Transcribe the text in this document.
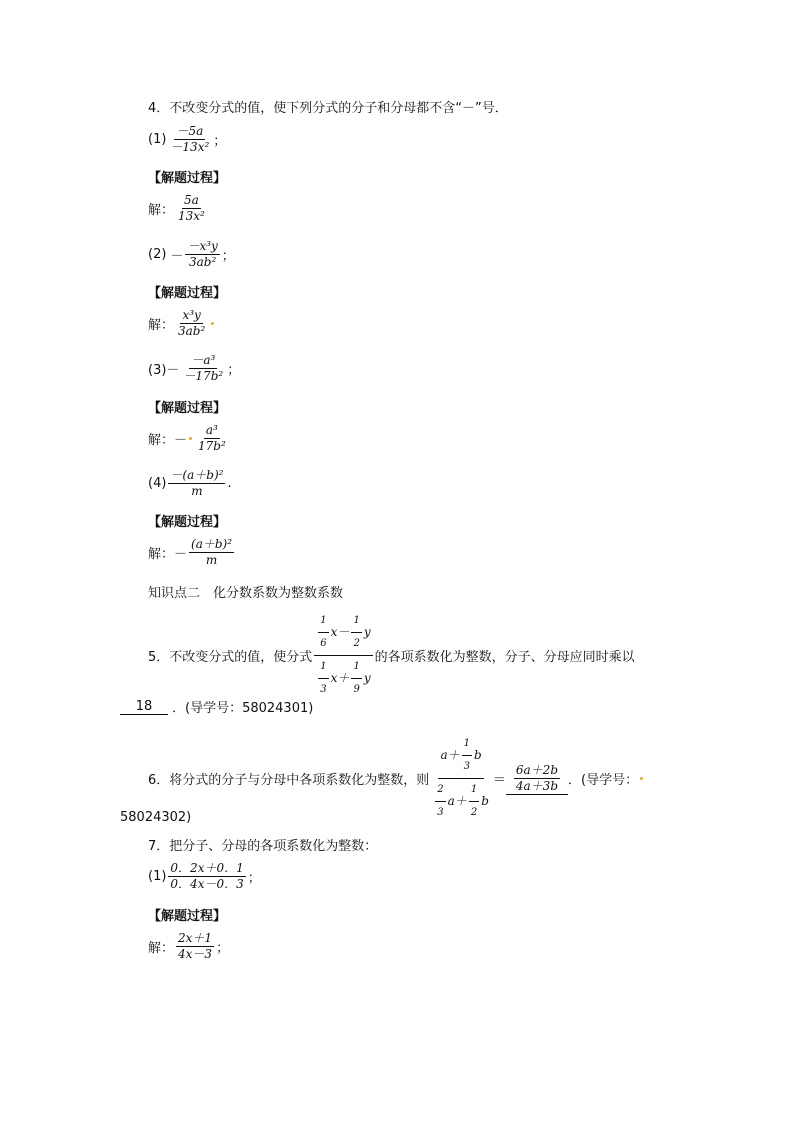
4．不改变分式的值，使下列分式的分子和分母都不含“－”号．
$(1) \frac{-5a}{\text{－13x²}}$ ；
【解题过程】
解： $\frac{5a}{\text{13x²}}$
$(2) - \frac{\text{－x³y}}{\text{3ab²}}$ ；
【解题过程】
解： $\frac{\text{x³y}}{\text{3ab²}}$
$(3)- \frac{\text{－a³}}{\text{－17b²}}$ ；
【解题过程】
解：－ $\frac{\text{a³}}{\text{17b²}}$
$(4) \frac{\text{－(a＋b)²}}{m}$ .
【解题过程】
解：－ $\frac{\text{(a＋b)²}}{m}$
知识点二　化分数系数为整数系数
5．不改变分式的值，使分式 $\frac{\frac{1}{6} x- \frac{1}{2} y}{\frac{1}{3} x+ \frac{1}{9} y}$ 的各项系数化为整数，分子、分母应同时乘以
18	．(导学号：58024301)
6．将分式的分子与分母中各项系数化为整数，则 $\frac{a+ \frac{1}{3} b}{\frac{2}{3} a+ \frac{1}{2} b} = \frac{6a+2b}{4a+3b}$ ．(导学号：
58024302)
7．把分子、分母的各项系数化为整数：
$(1) \frac{0.2x+0.1}{0.4x-0.3}$ ；
【解题过程】
解： $\frac{2x+1}{4x-3}$ ；
